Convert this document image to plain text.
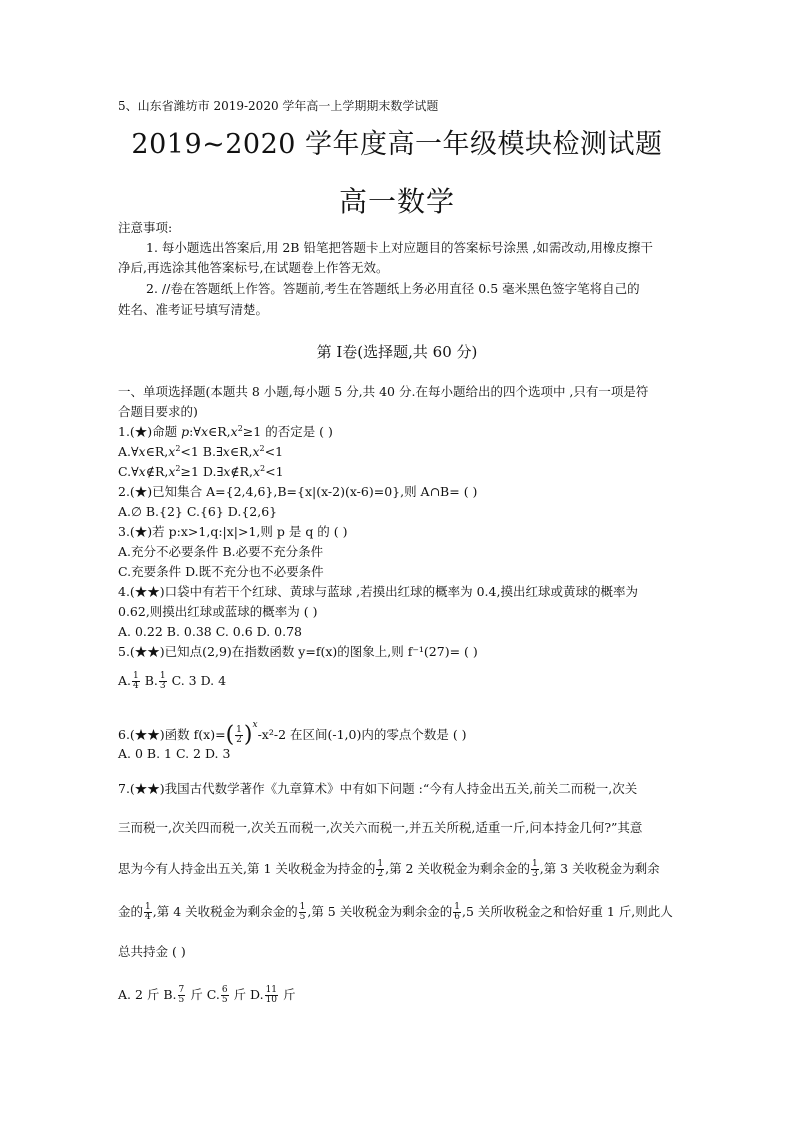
5、山东省潍坊市 2019-2020 学年高一上学期期末数学试题
2019~2020 学年度高一年级模块检测试题
高一数学
注意事项:
1. 每小题选出答案后,用 2B 铅笔把答题卡上对应题目的答案标号涂黑 ,如需改动,用橡皮擦干
净后,再选涂其他答案标号,在试题卷上作答无效。
2. //卷在答题纸上作答。答题前,考生在答题纸上务必用直径 0.5 毫米黑色签字笔将自己的
姓名、准考证号填写清楚。
第 Ⅰ卷(选择题,共 60 分)
一、单项选择题(本题共 8 小题,每小题 5 分,共 40 分.在每小题给出的四个选项中 ,只有一项是符
合题目要求的)
1.(★)命题 $p:\forall x\in R,x^2\ge 1$ 的否定是 ( )
$A.\forall x\in R,x^2<1$ $B.\exists x\in R,x^2<1$
$C.\forall x\notin R,x^2\ge 1$ $D.\exists x\notin R,x^2<1$
2.(★)已知集合 A={2,4,6},B={x|(x-2)(x-6)=0},则 A∩B= ( )
A.∅ B.{2} C.{6} D.{2,6}
3.(★)若 p:x>1,q:|x|>1,则 p 是 q 的 ( )
A.充分不必要条件 B.必要不充分条件
C.充要条件 D.既不充分也不必要条件
4.(★★)口袋中有若干个红球、黄球与蓝球 ,若摸出红球的概率为 0.4,摸出红球或黄球的概率为
0.62,则摸出红球或蓝球的概率为 ( )
A. 0.22 B. 0.38 C. 0.6 D. 0.78
5.(★★)已知点(2,9)在指数函数 y=f(x)的图象上,则 f⁻¹(27)= ( )
A. $\frac{1}{4} B$. $\frac{1}{3} C$. 3 D. 4
6.(★★)函数 $f(x)=( \frac{1}{2} )^x-x^2-2$ 在区间(-1,0)内的零点个数是 ( )
A. 0 B. 1 C. 2 D. 3
7.(★★)我国古代数学著作《九章算术》中有如下问题 :“今有人持金出五关,前关二而税一,次关
三而税一,次关四而税一,次关五而税一,次关六而税一,并五关所税,适重一斤,问本持金几何?”其意
思为今有人持金出五关,第 1 关收税金为持金的 $\frac{1}{2}$ ,第 2 关收税金为剩余金的 $\frac{1}{3}$ ,第 3 关收税金为剩余
金的 $\frac{1}{4}$ ,第 4 关收税金为剩余金的 $\frac{1}{5}$ ,第 5 关收税金为剩余金的 $\frac{1}{6} ,5$ 关所收税金之和恰好重 1 斤,则此人
总共持金 ( )
A. 2 斤 B. $\frac{7}{5}$ 斤 C. $\frac{6}{5}$ 斤 D. $\frac{11}{10}$ 斤
